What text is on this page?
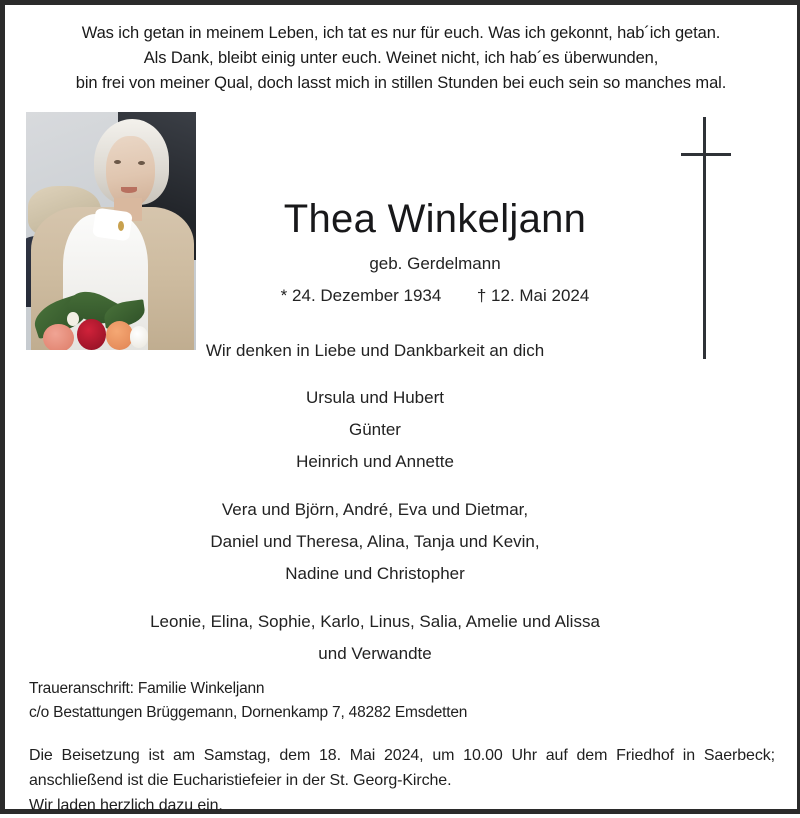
Was ich getan in meinem Leben, ich tat es nur für euch. Was ich gekonnt, hab´ich getan.
Als Dank, bleibt einig unter euch. Weinet nicht, ich hab´es überwunden,
bin frei von meiner Qual, doch lasst mich in stillen Stunden bei euch sein so manches mal.
Thea Winkeljann
geb. Gerdelmann
* 24. Dezember 1934 † 12. Mai 2024
Wir denken in Liebe und Dankbarkeit an dich
Ursula und Hubert
Günter
Heinrich und Annette
Vera und Björn, André, Eva und Dietmar,
Daniel und Theresa, Alina, Tanja und Kevin,
Nadine und Christopher
Leonie, Elina, Sophie, Karlo, Linus, Salia, Amelie und Alissa
und Verwandte
Traueranschrift: Familie Winkeljann
c/o Bestattungen Brüggemann, Dornenkamp 7, 48282 Emsdetten
Die Beisetzung ist am Samstag, dem 18. Mai 2024, um 10.00 Uhr auf dem Friedhof in Saerbeck; anschließend ist die Eucharistiefeier in der St. Georg-Kirche.
Wir laden herzlich dazu ein.
